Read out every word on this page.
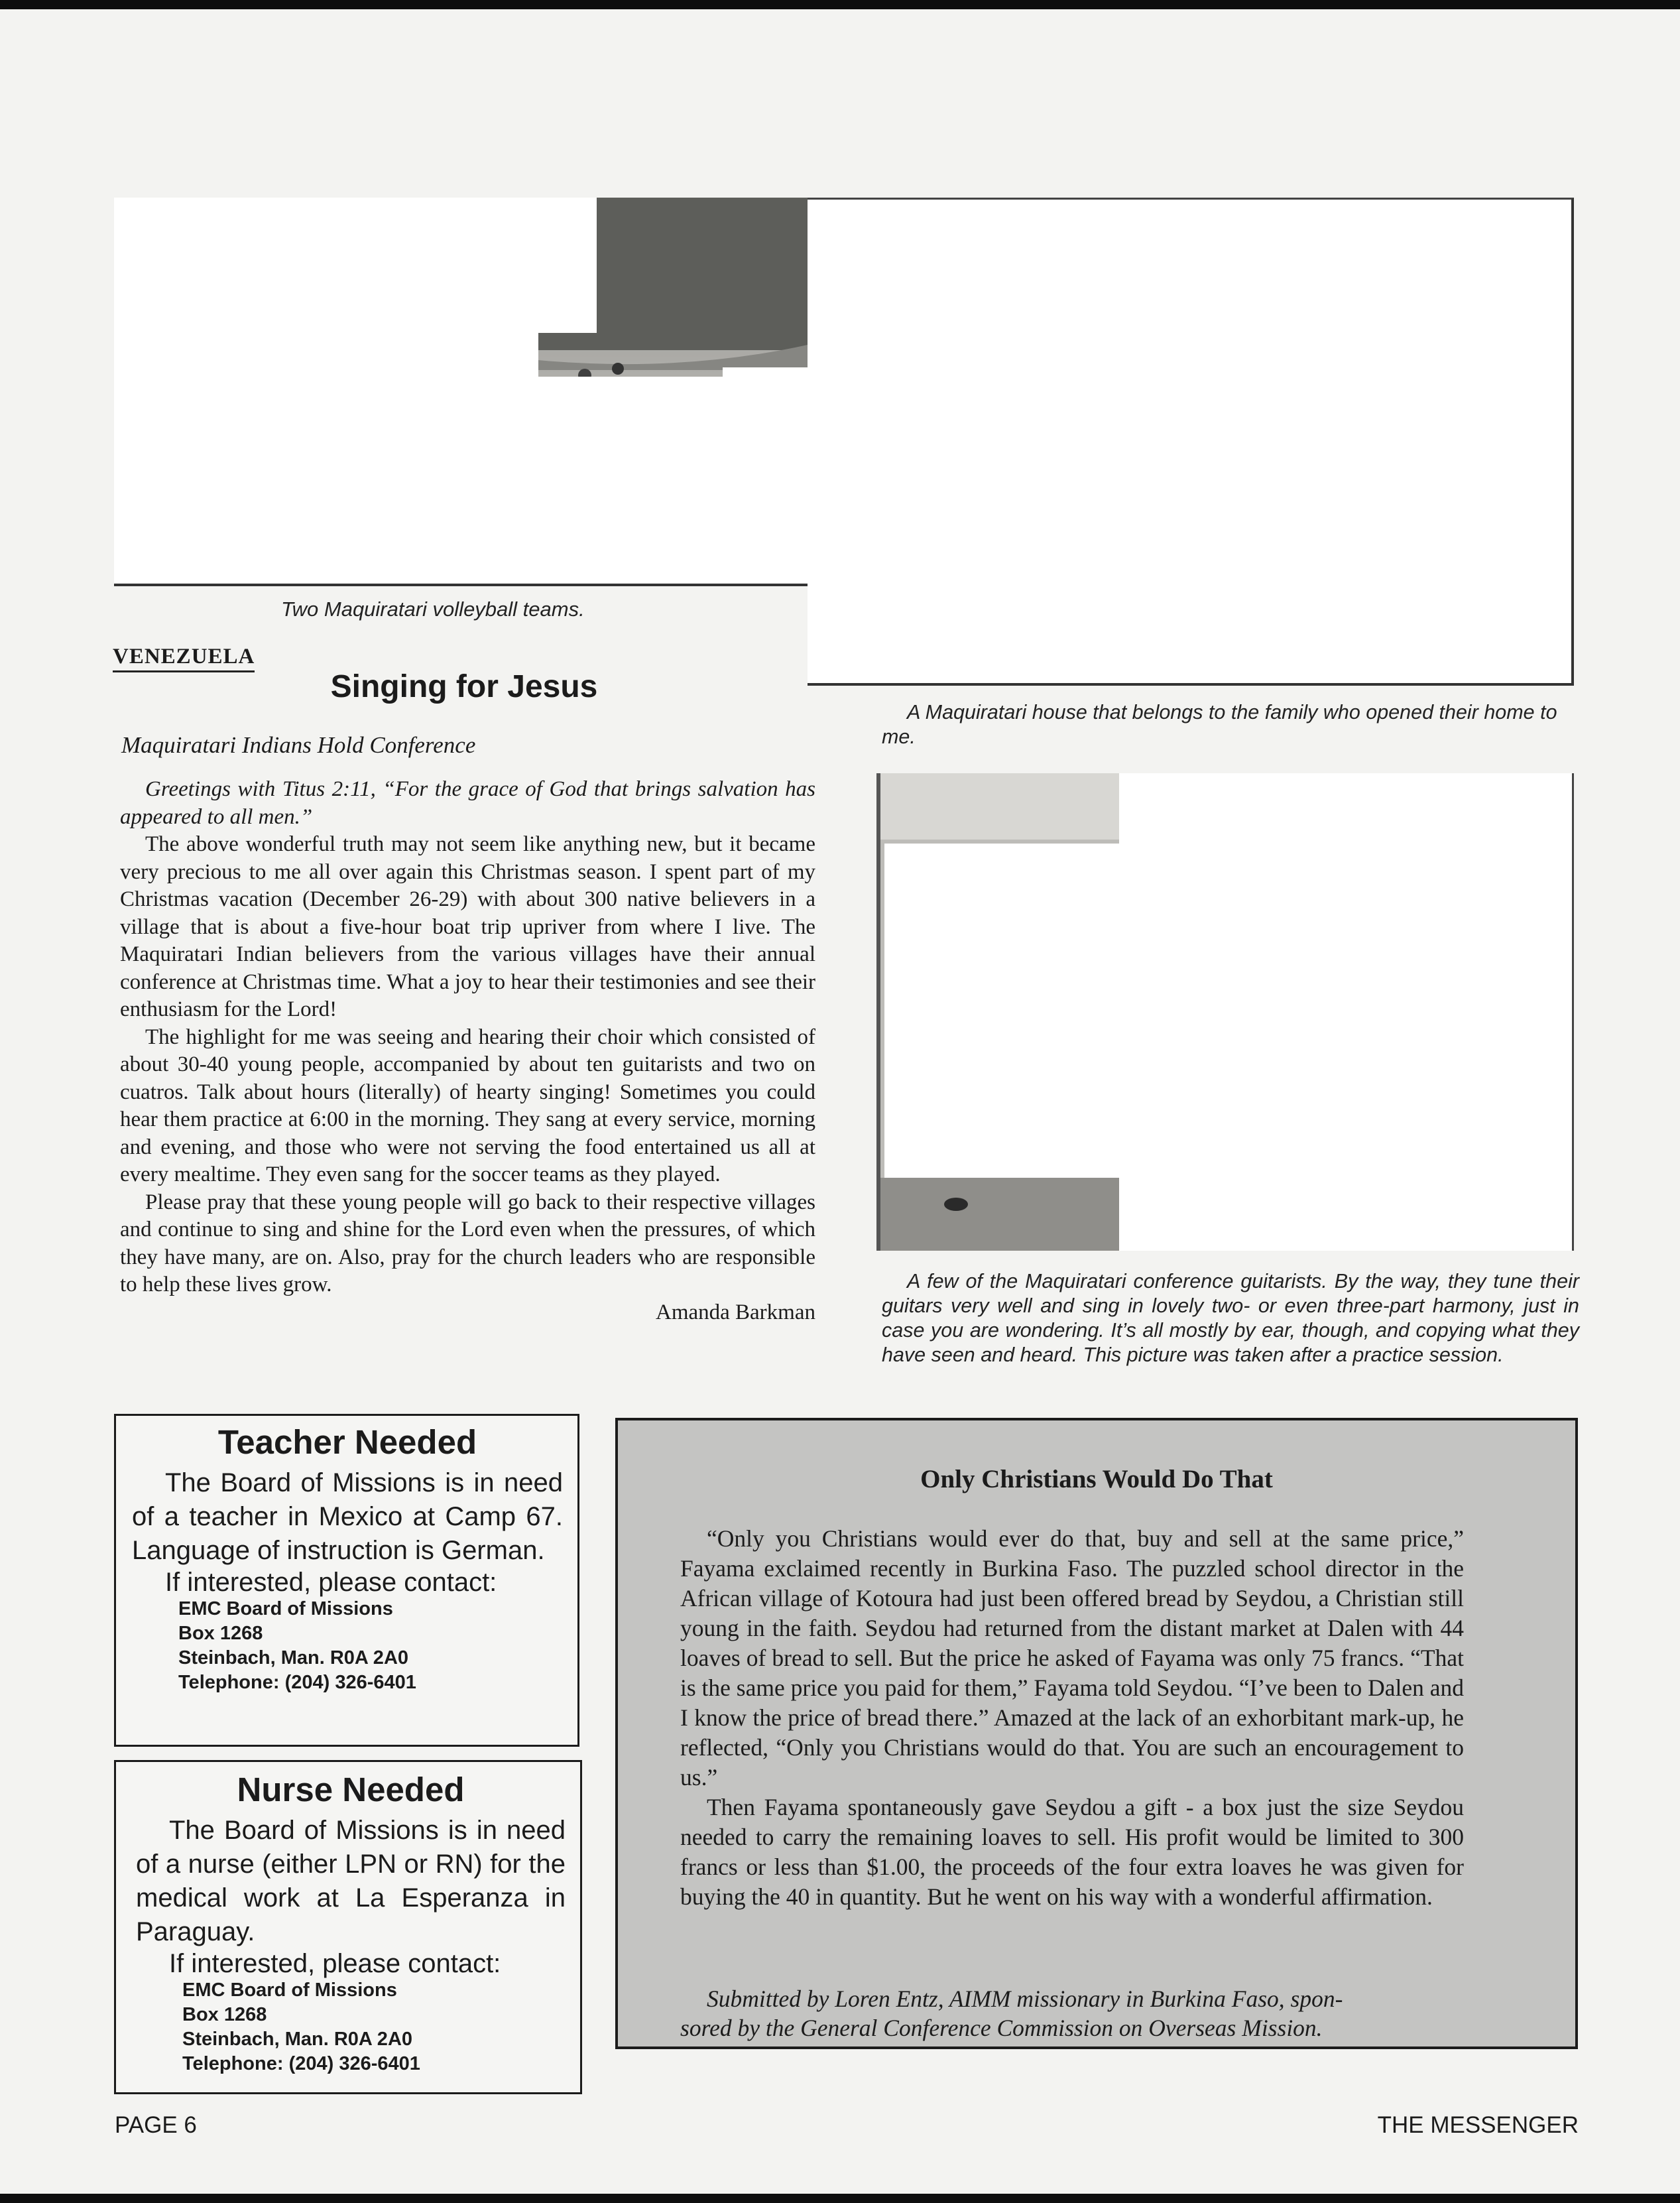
Two Maquiratari volleyball teams.

A Maquiratari house that belongs to the family who opened their home to me.

A few of the Maquiratari conference guitarists. By the way, they tune their guitars very well and sing in lovely two- or even three-part harmony, just in case you are wondering. It’s all mostly by ear, though, and copying what they have seen and heard. This picture was taken after a practice session.

VENEZUELA

Singing for Jesus

Maquiratari Indians Hold Conference

Greetings with Titus 2:11, “For the grace of God that brings salvation has appeared to all men.”

The above wonderful truth may not seem like anything new, but it became very precious to me all over again this Christmas season. I spent part of my Christmas vacation (December 26-29) with about 300 native believers in a village that is about a five-hour boat trip upriver from where I live. The Maquiratari Indian believers from the various villages have their annual conference at Christmas time. What a joy to hear their testimonies and see their enthusiasm for the Lord!

The highlight for me was seeing and hearing their choir which consisted of about 30-40 young people, accompanied by about ten guitarists and two on cuatros. Talk about hours (literally) of hearty singing! Sometimes you could hear them practice at 6:00 in the morning. They sang at every service, morning and evening, and those who were not serving the food entertained us all at every mealtime. They even sang for the soccer teams as they played.

Please pray that these young people will go back to their respective villages and continue to sing and shine for the Lord even when the pressures, of which they have many, are on. Also, pray for the church leaders who are responsible to help these lives grow.

Amanda Barkman

Teacher Needed

The Board of Missions is in need of a teacher in Mexico at Camp 67. Language of instruction is German.

If interested, please contact:

EMC Board of Missions

Box 1268

Steinbach, Man. R0A 2A0

Telephone: (204) 326-6401

Nurse Needed

The Board of Missions is in need of a nurse (either LPN or RN) for the medical work at La Esperanza in Paraguay.

If interested, please contact:

EMC Board of Missions

Box 1268

Steinbach, Man. R0A 2A0

Telephone: (204) 326-6401

Only Christians Would Do That

“Only you Christians would ever do that, buy and sell at the same price,” Fayama exclaimed recently in Burkina Faso. The puzzled school director in the African village of Kotoura had just been offered bread by Seydou, a Christian still young in the faith. Seydou had returned from the distant market at Dalen with 44 loaves of bread to sell. But the price he asked of Fayama was only 75 francs. “That is the same price you paid for them,” Fayama told Seydou. “I’ve been to Dalen and I know the price of bread there.” Amazed at the lack of an exhorbitant mark-up, he reflected, “Only you Christians would do that. You are such an encouragement to us.”

Then Fayama spontaneously gave Seydou a gift - a box just the size Seydou needed to carry the remaining loaves to sell. His profit would be limited to 300 francs or less than $1.00, the proceeds of the four extra loaves he was given for buying the 40 in quantity. But he went on his way with a wonderful affirmation.

Submitted by Loren Entz, AIMM missionary in Burkina Faso, spon-
sored by the General Conference Commission on Overseas Mission.

PAGE 6	THE MESSENGER
